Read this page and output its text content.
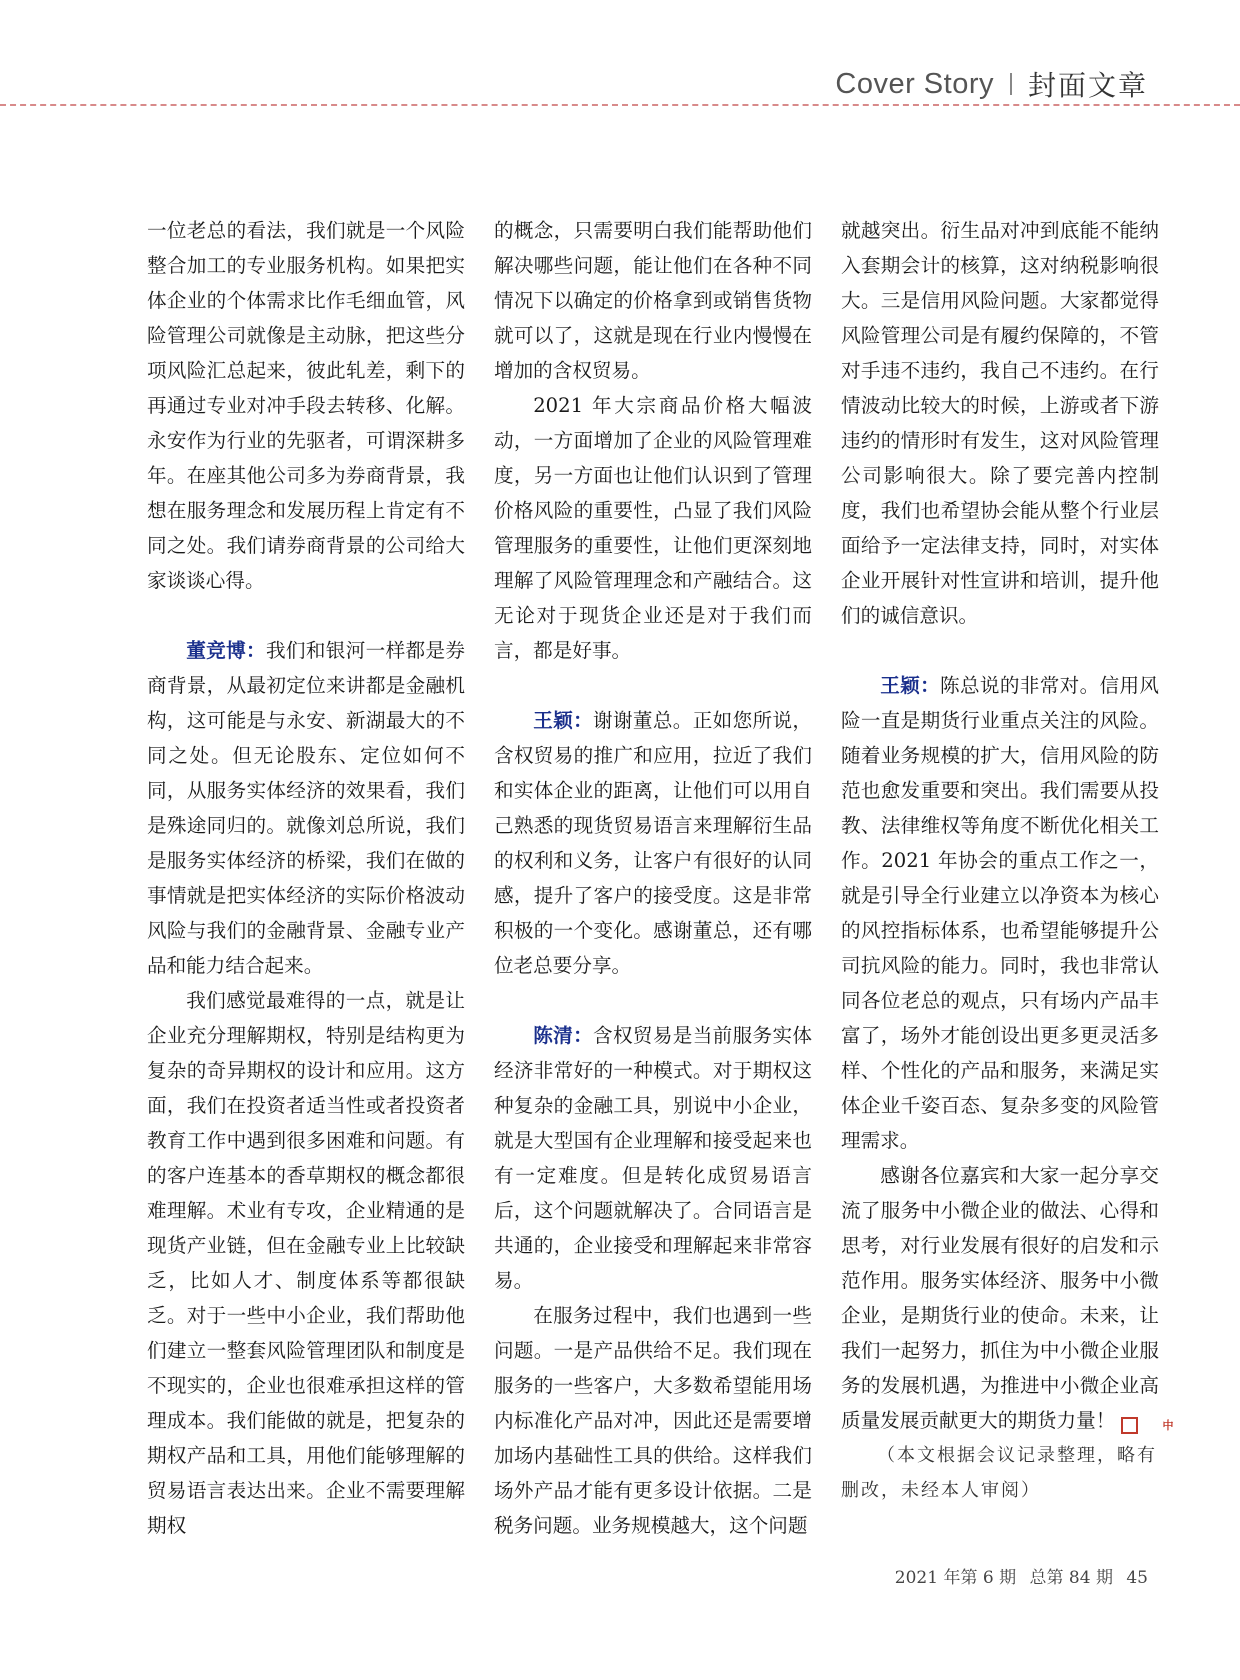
Cover Story 封面文章

一位老总的看法，我们就是一个风险整合加工的专业服务机构。如果把实体企业的个体需求比作毛细血管，风险管理公司就像是主动脉，把这些分项风险汇总起来，彼此轧差，剩下的再通过专业对冲手段去转移、化解。永安作为行业的先驱者，可谓深耕多年。在座其他公司多为券商背景，我想在服务理念和发展历程上肯定有不同之处。我们请券商背景的公司给大家谈谈心得。

董竞博：我们和银河一样都是券商背景，从最初定位来讲都是金融机构，这可能是与永安、新湖最大的不同之处。但无论股东、定位如何不同，从服务实体经济的效果看，我们是殊途同归的。就像刘总所说，我们是服务实体经济的桥梁，我们在做的事情就是把实体经济的实际价格波动风险与我们的金融背景、金融专业产品和能力结合起来。

我们感觉最难得的一点，就是让企业充分理解期权，特别是结构更为复杂的奇异期权的设计和应用。这方面，我们在投资者适当性或者投资者教育工作中遇到很多困难和问题。有的客户连基本的香草期权的概念都很难理解。术业有专攻，企业精通的是现货产业链，但在金融专业上比较缺乏，比如人才、制度体系等都很缺乏。对于一些中小企业，我们帮助他们建立一整套风险管理团队和制度是不现实的，企业也很难承担这样的管理成本。我们能做的就是，把复杂的期权产品和工具，用他们能够理解的贸易语言表达出来。企业不需要理解期权

的概念，只需要明白我们能帮助他们解决哪些问题，能让他们在各种不同情况下以确定的价格拿到或销售货物就可以了，这就是现在行业内慢慢在增加的含权贸易。

2021 年大宗商品价格大幅波动，一方面增加了企业的风险管理难度，另一方面也让他们认识到了管理价格风险的重要性，凸显了我们风险管理服务的重要性，让他们更深刻地理解了风险管理理念和产融结合。这无论对于现货企业还是对于我们而言，都是好事。

王颖：谢谢董总。正如您所说，含权贸易的推广和应用，拉近了我们和实体企业的距离，让他们可以用自己熟悉的现货贸易语言来理解衍生品的权利和义务，让客户有很好的认同感，提升了客户的接受度。这是非常积极的一个变化。感谢董总，还有哪位老总要分享。

陈清：含权贸易是当前服务实体经济非常好的一种模式。对于期权这种复杂的金融工具，别说中小企业，就是大型国有企业理解和接受起来也有一定难度。但是转化成贸易语言后，这个问题就解决了。合同语言是共通的，企业接受和理解起来非常容易。

在服务过程中，我们也遇到一些问题。一是产品供给不足。我们现在服务的一些客户，大多数希望能用场内标准化产品对冲，因此还是需要增加场内基础性工具的供给。这样我们场外产品才能有更多设计依据。二是税务问题。业务规模越大，这个问题

就越突出。衍生品对冲到底能不能纳入套期会计的核算，这对纳税影响很大。三是信用风险问题。大家都觉得风险管理公司是有履约保障的，不管对手违不违约，我自己不违约。在行情波动比较大的时候，上游或者下游违约的情形时有发生，这对风险管理公司影响很大。除了要完善内控制度，我们也希望协会能从整个行业层面给予一定法律支持，同时，对实体企业开展针对性宣讲和培训，提升他们的诚信意识。

王颖：陈总说的非常对。信用风险一直是期货行业重点关注的风险。随着业务规模的扩大，信用风险的防范也愈发重要和突出。我们需要从投教、法律维权等角度不断优化相关工作。2021 年协会的重点工作之一，就是引导全行业建立以净资本为核心的风控指标体系，也希望能够提升公司抗风险的能力。同时，我也非常认同各位老总的观点，只有场内产品丰富了，场外才能创设出更多更灵活多样、个性化的产品和服务，来满足实体企业千姿百态、复杂多变的风险管理需求。

感谢各位嘉宾和大家一起分享交流了服务中小微企业的做法、心得和思考，对行业发展有很好的启发和示范作用。服务实体经济、服务中小微企业，是期货行业的使命。未来，让我们一起努力，抓住为中小微企业服务的发展机遇，为推进中小微企业高质量发展贡献更大的期货力量！	中

（本文根据会议记录整理，略有删改，未经本人审阅）

2021 年第 6 期 总第 84 期 45
